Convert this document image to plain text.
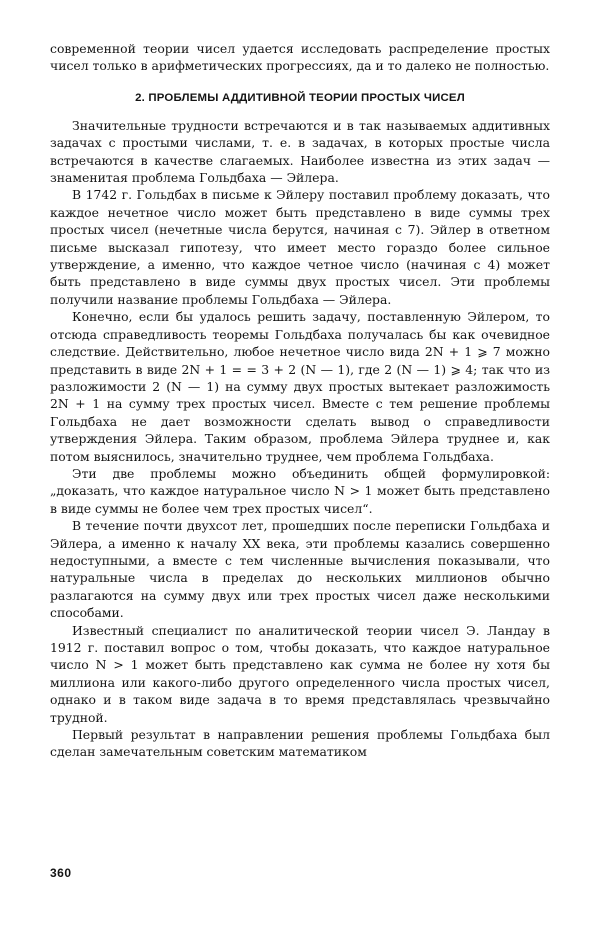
современной теории чисел удается исследовать распределение простых чисел только в арифметических прогрессиях, да и то далеко не полностью.

2. ПРОБЛЕМЫ АДДИТИВНОЙ ТЕОРИИ ПРОСТЫХ ЧИСЕЛ

Значительные трудности встречаются и в так называемых аддитивных задачах с простыми числами, т. е. в задачах, в которых простые числа встречаются в качестве слагаемых. Наиболее известна из этих задач — знаменитая проблема Гольдбаха — Эйлера.

В 1742 г. Гольдбах в письме к Эйлеру поставил проблему доказать, что каждое нечетное число может быть представлено в виде суммы трех простых чисел (нечетные числа берутся, начиная с 7). Эйлер в ответном письме высказал гипотезу, что имеет место гораздо более сильное утверждение, а именно, что каждое четное число (начиная с 4) может быть представлено в виде суммы двух простых чисел. Эти проблемы получили название проблемы Гольдбаха — Эйлера.

Конечно, если бы удалось решить задачу, поставленную Эйлером, то отсюда справедливость теоремы Гольдбаха получалась бы как очевидное следствие. Действительно, любое нечетное число вида 2N + 1 ⩾ 7 можно представить в виде 2N + 1 = = 3 + 2 (N — 1), где 2 (N — 1) ⩾ 4; так что из разложимости 2 (N — 1) на сумму двух простых вытекает разложимость 2N + 1 на сумму трех простых чисел. Вместе с тем решение проблемы Гольдбаха не дает возможности сделать вывод о справедливости утверждения Эйлера. Таким образом, проблема Эйлера труднее и, как потом выяснилось, значительно труднее, чем проблема Гольдбаха.

Эти две проблемы можно объединить общей формулировкой: „доказать, что каждое натуральное число N > 1 может быть представлено в виде суммы не более чем трех простых чисел“.

В течение почти двухсот лет, прошедших после переписки Гольдбаха и Эйлера, а именно к началу XX века, эти проблемы казались совершенно недоступными, а вместе с тем численные вычисления показывали, что натуральные числа в пределах до нескольких миллионов обычно разлагаются на сумму двух или трех простых чисел даже несколькими способами.

Известный специалист по аналитической теории чисел Э. Ландау в 1912 г. поставил вопрос о том, чтобы доказать, что каждое натуральное число N > 1 может быть представлено как сумма не более ну хотя бы миллиона или какого-либо другого определенного числа простых чисел, однако и в таком виде задача в то время представлялась чрезвычайно трудной.

Первый результат в направлении решения проблемы Гольдбаха был сделан замечательным советским математиком

360
